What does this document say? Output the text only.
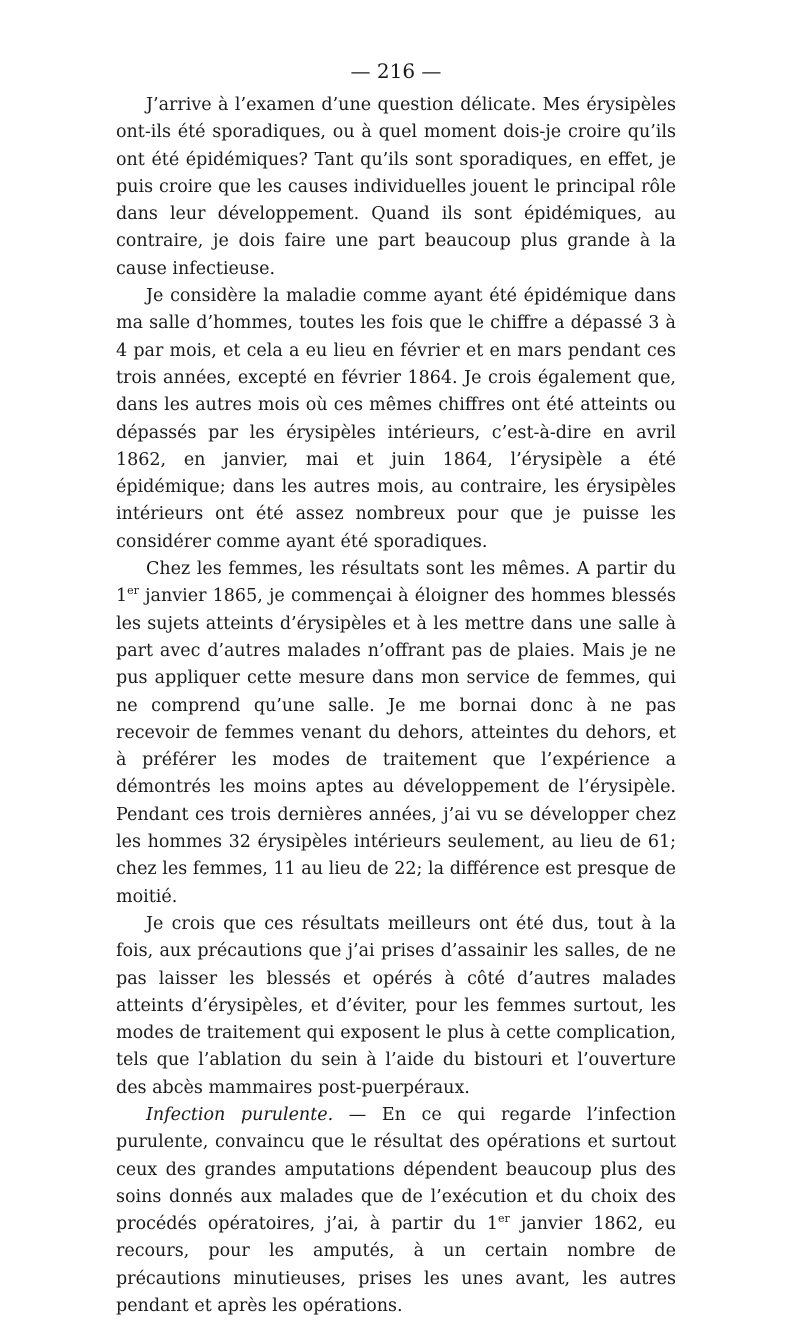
— 216 —

J’arrive à l’examen d’une question délicate. Mes érysipèles ont-ils été sporadiques, ou à quel moment dois-je croire qu’ils ont été épidémiques? Tant qu’ils sont sporadiques, en effet, je puis croire que les causes individuelles jouent le principal rôle dans leur développement. Quand ils sont épidémiques, au contraire, je dois faire une part beaucoup plus grande à la cause infectieuse.

Je considère la maladie comme ayant été épidémique dans ma salle d’hommes, toutes les fois que le chiffre a dépassé 3 à 4 par mois, et cela a eu lieu en février et en mars pendant ces trois années, excepté en février 1864. Je crois également que, dans les autres mois où ces mêmes chiffres ont été atteints ou dépassés par les érysipèles intérieurs, c’est-à-dire en avril 1862, en janvier, mai et juin 1864, l’érysipèle a été épidémique; dans les autres mois, au contraire, les érysipèles intérieurs ont été assez nombreux pour que je puisse les considérer comme ayant été sporadiques.

Chez les femmes, les résultats sont les mêmes. A partir du 1er janvier 1865, je commençai à éloigner des hommes blessés les sujets atteints d’érysipèles et à les mettre dans une salle à part avec d’autres malades n’offrant pas de plaies. Mais je ne pus appliquer cette mesure dans mon service de femmes, qui ne comprend qu’une salle. Je me bornai donc à ne pas recevoir de femmes venant du dehors, atteintes du dehors, et à préférer les modes de traitement que l’expérience a démontrés les moins aptes au développement de l’érysipèle. Pendant ces trois dernières années, j’ai vu se développer chez les hommes 32 érysipèles intérieurs seulement, au lieu de 61; chez les femmes, 11 au lieu de 22; la différence est presque de moitié.

Je crois que ces résultats meilleurs ont été dus, tout à la fois, aux précautions que j’ai prises d’assainir les salles, de ne pas laisser les blessés et opérés à côté d’autres malades atteints d’érysipèles, et d’éviter, pour les femmes surtout, les modes de traitement qui exposent le plus à cette complication, tels que l’ablation du sein à l’aide du bistouri et l’ouverture des abcès mammaires post-puerpéraux.

Infection purulente. — En ce qui regarde l’infection purulente, convaincu que le résultat des opérations et surtout ceux des grandes amputations dépendent beaucoup plus des soins donnés aux malades que de l’exécution et du choix des procédés opératoires, j’ai, à partir du 1er janvier 1862, eu recours, pour les amputés, à un certain nombre de précautions minutieuses, prises les unes avant, les autres pendant et après les opérations.
